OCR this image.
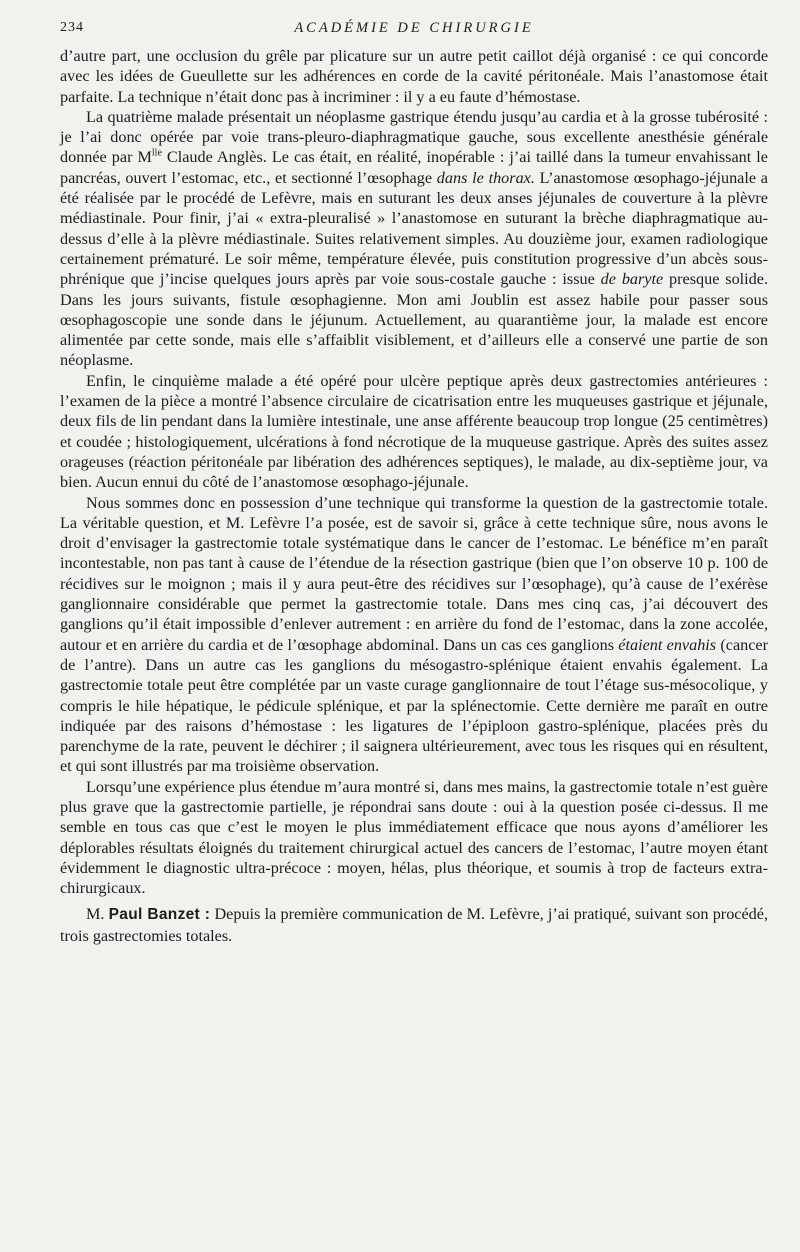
234	ACADÉMIE DE CHIRURGIE

d’autre part, une occlusion du grêle par plicature sur un autre petit caillot déjà organisé : ce qui concorde avec les idées de Gueullette sur les adhérences en corde de la cavité péritonéale. Mais l’anastomose était parfaite. La technique n’était donc pas à incriminer : il y a eu faute d’hémostase.

La quatrième malade présentait un néoplasme gastrique étendu jusqu’au cardia et à la grosse tubérosité : je l’ai donc opérée par voie trans-pleuro-diaphragmatique gauche, sous excellente anesthésie générale donnée par $M^{lle}$ Claude Anglès. Le cas était, en réalité, inopérable : j’ai taillé dans la tumeur envahissant le pancréas, ouvert l’estomac, etc., et sectionné l’œsophage dans le thorax. L’anastomose œsophago-jéjunale a été réalisée par le procédé de Lefèvre, mais en suturant les deux anses jéjunales de couverture à la plèvre médiastinale. Pour finir, j’ai « extra-pleuralisé » l’anastomose en suturant la brèche diaphragmatique au-dessus d’elle à la plèvre médiastinale. Suites relativement simples. Au douzième jour, examen radiologique certainement prématuré. Le soir même, température élevée, puis constitution progressive d’un abcès sous-phrénique que j’incise quelques jours après par voie sous-costale gauche : issue de baryte presque solide. Dans les jours suivants, fistule œsophagienne. Mon ami Joublin est assez habile pour passer sous œsophagoscopie une sonde dans le jéjunum. Actuellement, au quarantième jour, la malade est encore alimentée par cette sonde, mais elle s’affaiblit visiblement, et d’ailleurs elle a conservé une partie de son néoplasme.

Enfin, le cinquième malade a été opéré pour ulcère peptique après deux gastrectomies antérieures : l’examen de la pièce a montré l’absence circulaire de cicatrisation entre les muqueuses gastrique et jéjunale, deux fils de lin pendant dans la lumière intestinale, une anse afférente beaucoup trop longue (25 centimètres) et coudée ; histologiquement, ulcérations à fond nécrotique de la muqueuse gastrique. Après des suites assez orageuses (réaction péritonéale par libération des adhérences septiques), le malade, au dix-septième jour, va bien. Aucun ennui du côté de l’anastomose œsophago-jéjunale.

Nous sommes donc en possession d’une technique qui transforme la question de la gastrectomie totale. La véritable question, et M. Lefèvre l’a posée, est de savoir si, grâce à cette technique sûre, nous avons le droit d’envisager la gastrectomie totale systématique dans le cancer de l’estomac. Le bénéfice m’en paraît incontestable, non pas tant à cause de l’étendue de la résection gastrique (bien que l’on observe 10 p. 100 de récidives sur le moignon ; mais il y aura peut-être des récidives sur l’œsophage), qu’à cause de l’exérèse ganglionnaire considérable que permet la gastrectomie totale. Dans mes cinq cas, j’ai découvert des ganglions qu’il était impossible d’enlever autrement : en arrière du fond de l’estomac, dans la zone accolée, autour et en arrière du cardia et de l’œsophage abdominal. Dans un cas ces ganglions étaient envahis (cancer de l’antre). Dans un autre cas les ganglions du mésogastro-splénique étaient envahis également. La gastrectomie totale peut être complétée par un vaste curage ganglionnaire de tout l’étage sus-mésocolique, y compris le hile hépatique, le pédicule splénique, et par la splénectomie. Cette dernière me paraît en outre indiquée par des raisons d’hémostase : les ligatures de l’épiploon gastro-splénique, placées près du parenchyme de la rate, peuvent le déchirer ; il saignera ultérieurement, avec tous les risques qui en résultent, et qui sont illustrés par ma troisième observation.

Lorsqu’une expérience plus étendue m’aura montré si, dans mes mains, la gastrectomie totale n’est guère plus grave que la gastrectomie partielle, je répondrai sans doute : oui à la question posée ci-dessus. Il me semble en tous cas que c’est le moyen le plus immédiatement efficace que nous ayons d’améliorer les déplorables résultats éloignés du traitement chirurgical actuel des cancers de l’estomac, l’autre moyen étant évidemment le diagnostic ultra-précoce : moyen, hélas, plus théorique, et soumis à trop de facteurs extra-chirurgicaux.

M. Paul Banzet : Depuis la première communication de M. Lefèvre, j’ai pratiqué, suivant son procédé, trois gastrectomies totales.
